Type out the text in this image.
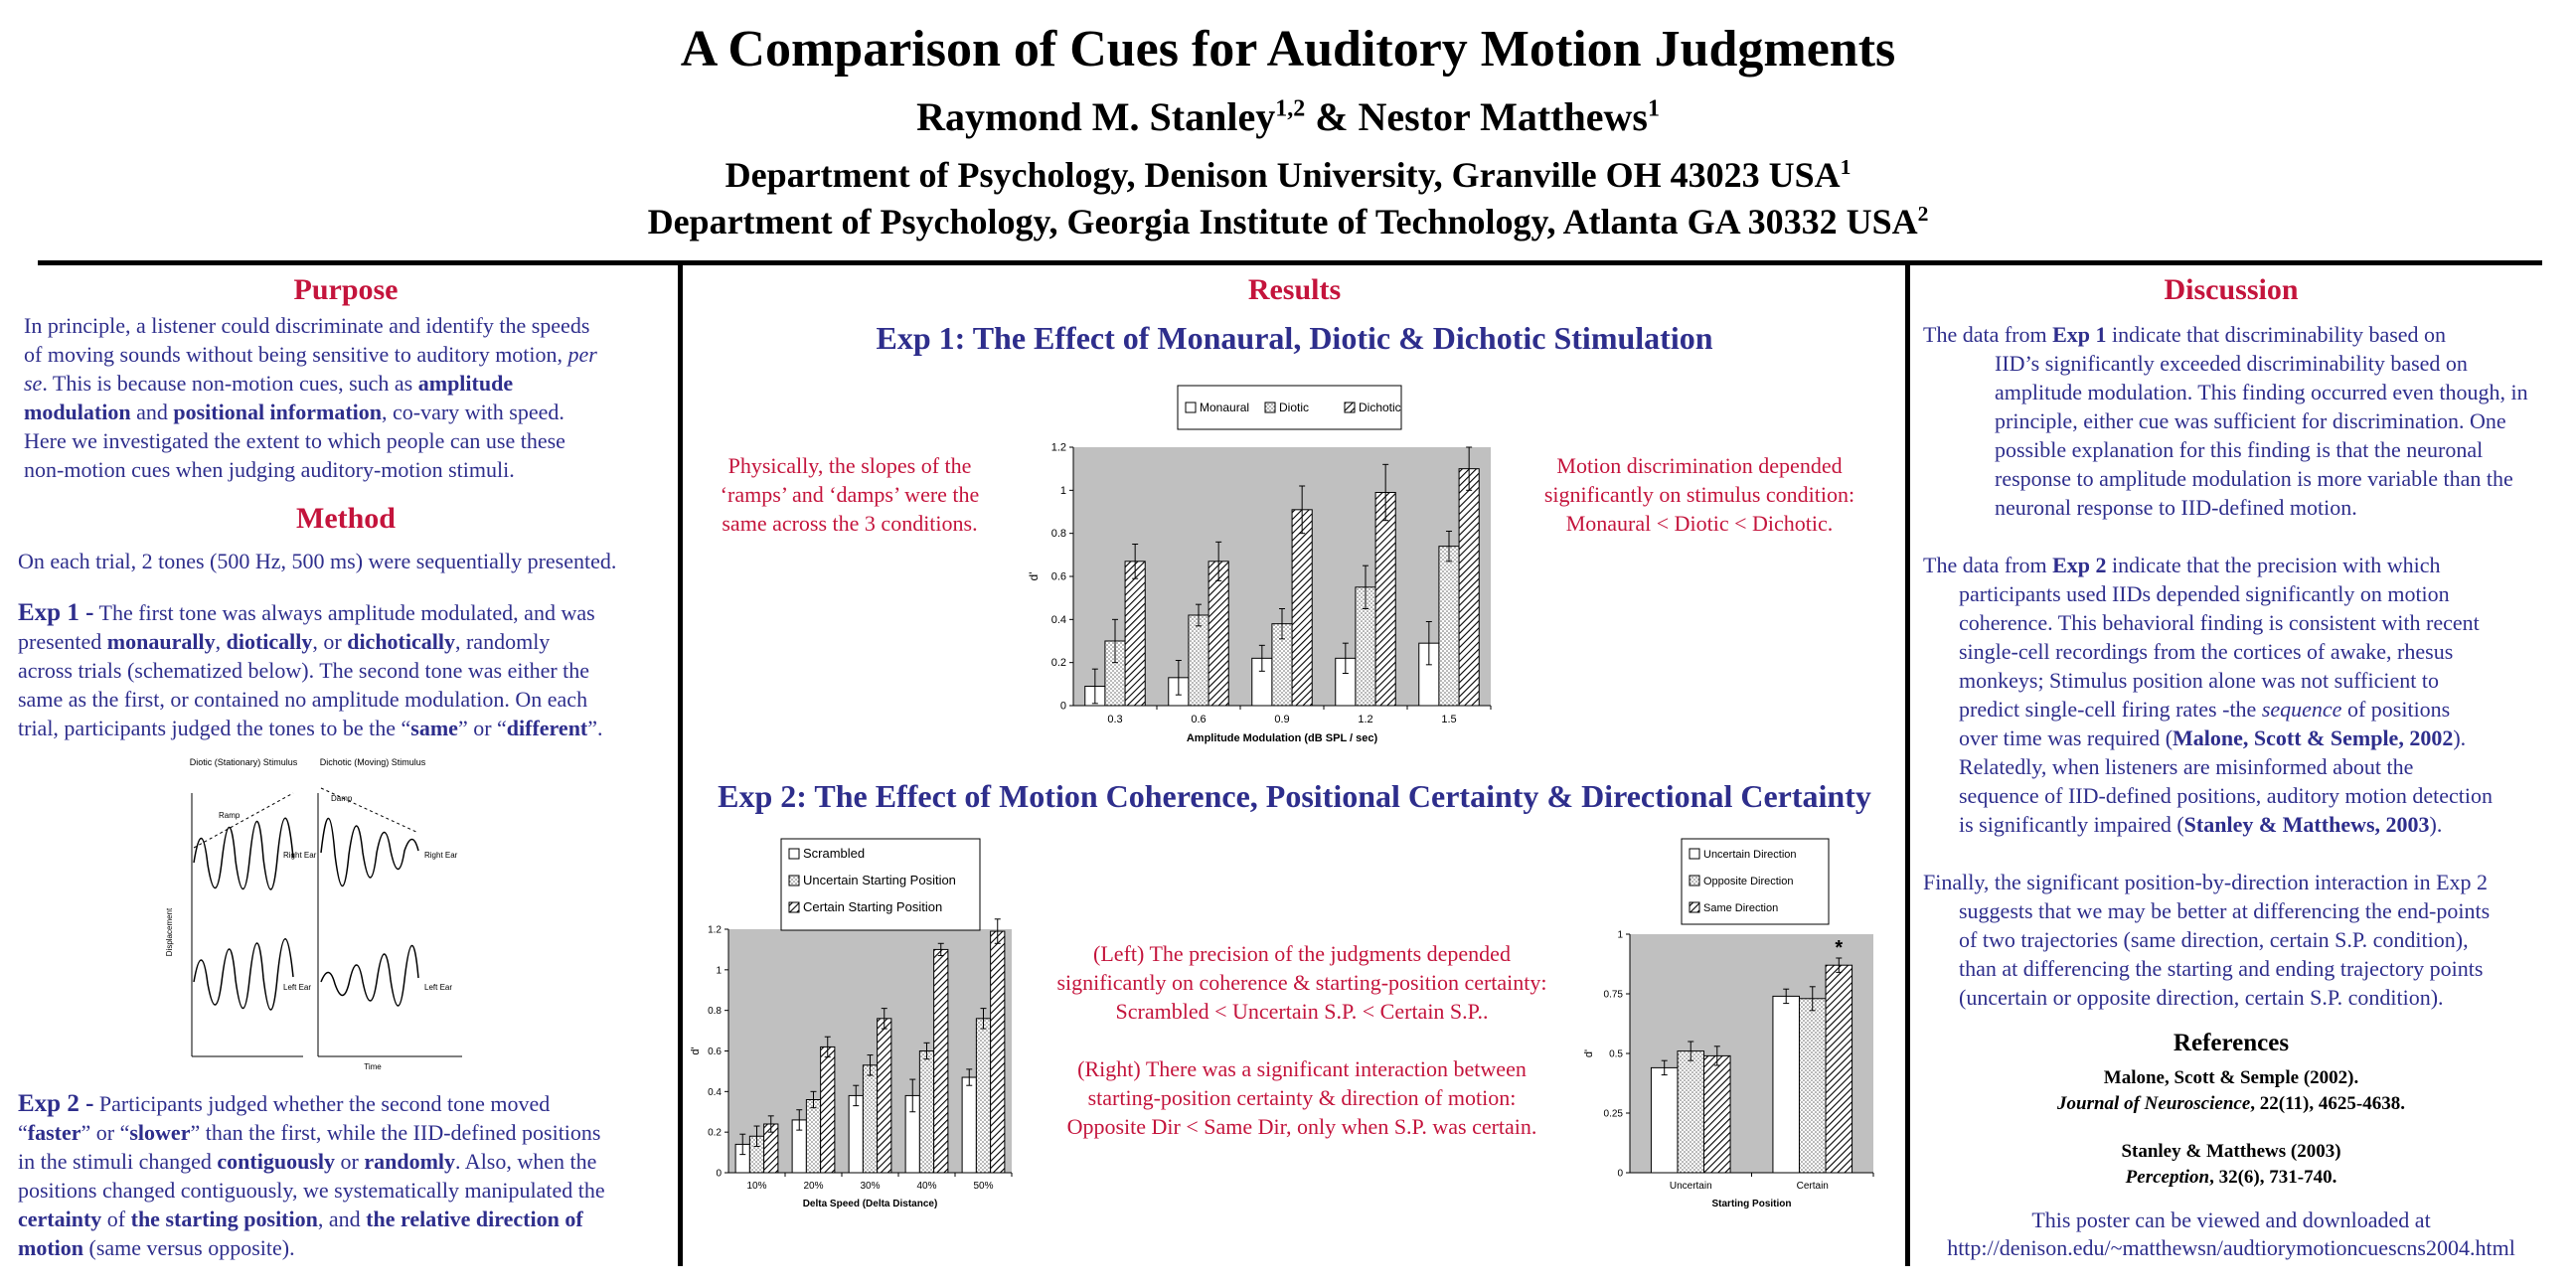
A Comparison of Cues for Auditory Motion Judgments
Raymond M. Stanley$^{1,2}$ & Nestor Matthews$^1$
Department of Psychology, Denison University, Granville OH 43023 USA$^1$
Department of Psychology, Georgia Institute of Technology, Atlanta GA 30332 USA$^2$
Purpose
In principle, a listener could discriminate and identify the speeds
of moving sounds without being sensitive to auditory motion, per
se. This is because non-motion cues, such as amplitude
modulation and positional information, co-vary with speed.
Here we investigated the extent to which people can use these
non-motion cues when judging auditory-motion stimuli.
Method
On each trial, 2 tones (500 Hz, 500 ms) were sequentially presented.
Exp 1 - The first tone was always amplitude modulated, and was
presented monaurally, diotically, or dichotically, randomly
across trials (schematized below). The second tone was either the
same as the first, or contained no amplitude modulation. On each
trial, participants judged the tones to be the “same” or “different”.
Diotic (Stationary) Stimulus Dichotic (Moving) Stimulus
Displacement
Time
Right Ear
Left Ear
Right Ear
Left Ear
Ramp
Damp
Exp 2 - Participants judged whether the second tone moved
“faster” or “slower” than the first, while the IID-defined positions
in the stimuli changed contiguously or randomly. Also, when the
positions changed contiguously, we systematically manipulated the
certainty of the starting position, and the relative direction of
motion (same versus opposite).
Results
Exp 1: The Effect of Monaural, Diotic & Dichotic Stimulation
Physically, the slopes of the
‘ramps’ and ‘damps’ were the
same across the 3 conditions.
Motion discrimination depended
significantly on stimulus condition:
Monaural < Diotic < Dichotic.
0
0.2
0.4
0.6
0.8
1
1.2
0.3	0.6	0.9	1.2	1.5
Amplitude Modulation (dB SPL / sec)
d'
Monaural Diotic	Dichotic
Exp 2: The Effect of Motion Coherence, Positional Certainty & Directional Certainty
0
0.2
0.4
0.6
0.8
1
1.2
10%	20%	30%	40%	50%
Delta Speed (Delta Distance)
d'
Scrambled
Uncertain Starting Position
Certain Starting Position
(Left) The precision of the judgments depended
significantly on coherence & starting-position certainty:
Scrambled < Uncertain S.P. < Certain S.P..
(Right) There was a significant interaction between
starting-position certainty & direction of motion:
Opposite Dir < Same Dir, only when S.P. was certain.
0
0.25
0.5
0.75
1
Uncertain	Certain
*
Starting Position
d'
Uncertain Direction
Opposite Direction
Same Direction
Discussion
The data from Exp 1 indicate that discriminability based on
IID’s significantly exceeded discriminability based on
amplitude modulation. This finding occurred even though, in
principle, either cue was sufficient for discrimination. One
possible explanation for this finding is that the neuronal
response to amplitude modulation is more variable than the
neuronal response to IID-defined motion.
The data from Exp 2 indicate that the precision with which
participants used IIDs depended significantly on motion
coherence. This behavioral finding is consistent with recent
single-cell recordings from the cortices of awake, rhesus
monkeys; Stimulus position alone was not sufficient to
predict single-cell firing rates -the sequence of positions
over time was required (Malone, Scott & Semple, 2002).
Relatedly, when listeners are misinformed about the
sequence of IID-defined positions, auditory motion detection
is significantly impaired (Stanley & Matthews, 2003).
Finally, the significant position-by-direction interaction in Exp 2
suggests that we may be better at differencing the end-points
of two trajectories (same direction, certain S.P. condition),
than at differencing the starting and ending trajectory points
(uncertain or opposite direction, certain S.P. condition).
References
Malone, Scott & Semple (2002).
Journal of Neuroscience, 22(11), 4625-4638.
Stanley & Matthews (2003)
Perception, 32(6), 731-740.
This poster can be viewed and downloaded at
http://denison.edu/~matthewsn/audtiorymotioncuescns2004.html
